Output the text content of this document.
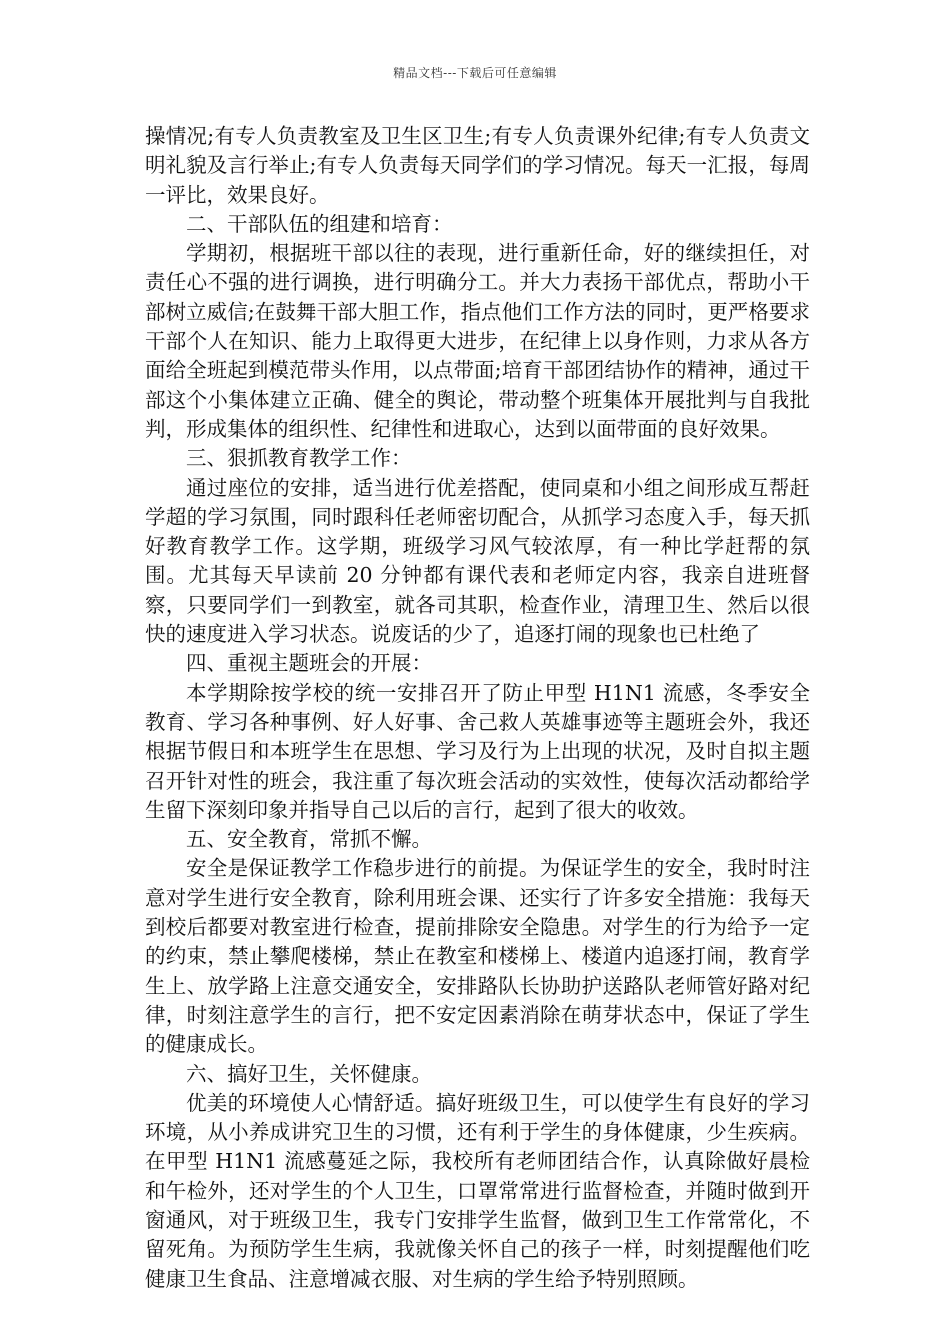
精品文档---下载后可任意编辑

操情况;有专人负责教室及卫生区卫生;有专人负责课外纪律;有专人负责文明礼貌及言行举止;有专人负责每天同学们的学习情况。每天一汇报，每周一评比，效果良好。

二、干部队伍的组建和培育：

学期初，根据班干部以往的表现，进行重新任命，好的继续担任，对责任心不强的进行调换，进行明确分工。并大力表扬干部优点，帮助小干部树立威信;在鼓舞干部大胆工作，指点他们工作方法的同时，更严格要求干部个人在知识、能力上取得更大进步，在纪律上以身作则，力求从各方面给全班起到模范带头作用，以点带面;培育干部团结协作的精神，通过干部这个小集体建立正确、健全的舆论，带动整个班集体开展批判与自我批判，形成集体的组织性、纪律性和进取心，达到以面带面的良好效果。

三、狠抓教育教学工作：

通过座位的安排，适当进行优差搭配，使同桌和小组之间形成互帮赶学超的学习氛围，同时跟科任老师密切配合，从抓学习态度入手，每天抓好教育教学工作。这学期，班级学习风气较浓厚，有一种比学赶帮的氛围。尤其每天早读前 20 分钟都有课代表和老师定内容，我亲自进班督察，只要同学们一到教室，就各司其职，检查作业，清理卫生、然后以很快的速度进入学习状态。说废话的少了，追逐打闹的现象也已杜绝了

四、重视主题班会的开展：

本学期除按学校的统一安排召开了防止甲型 H1N1 流感，冬季安全教育、学习各种事例、好人好事、舍己救人英雄事迹等主题班会外，我还根据节假日和本班学生在思想、学习及行为上出现的状况，及时自拟主题召开针对性的班会，我注重了每次班会活动的实效性，使每次活动都给学生留下深刻印象并指导自己以后的言行，起到了很大的收效。

五、安全教育，常抓不懈。

安全是保证教学工作稳步进行的前提。为保证学生的安全，我时时注意对学生进行安全教育，除利用班会课、还实行了许多安全措施：我每天到校后都要对教室进行检查，提前排除安全隐患。对学生的行为给予一定的约束，禁止攀爬楼梯，禁止在教室和楼梯上、楼道内追逐打闹，教育学生上、放学路上注意交通安全，安排路队长协助护送路队老师管好路对纪律，时刻注意学生的言行，把不安定因素消除在萌芽状态中，保证了学生的健康成长。

六、搞好卫生，关怀健康。

优美的环境使人心情舒适。搞好班级卫生，可以使学生有良好的学习环境，从小养成讲究卫生的习惯，还有利于学生的身体健康，少生疾病。在甲型 H1N1 流感蔓延之际，我校所有老师团结合作，认真除做好晨检和午检外，还对学生的个人卫生，口罩常常进行监督检查，并随时做到开窗通风，对于班级卫生，我专门安排学生监督，做到卫生工作常常化，不留死角。为预防学生生病，我就像关怀自己的孩子一样，时刻提醒他们吃健康卫生食品、注意增减衣服、对生病的学生给予特别照顾。
